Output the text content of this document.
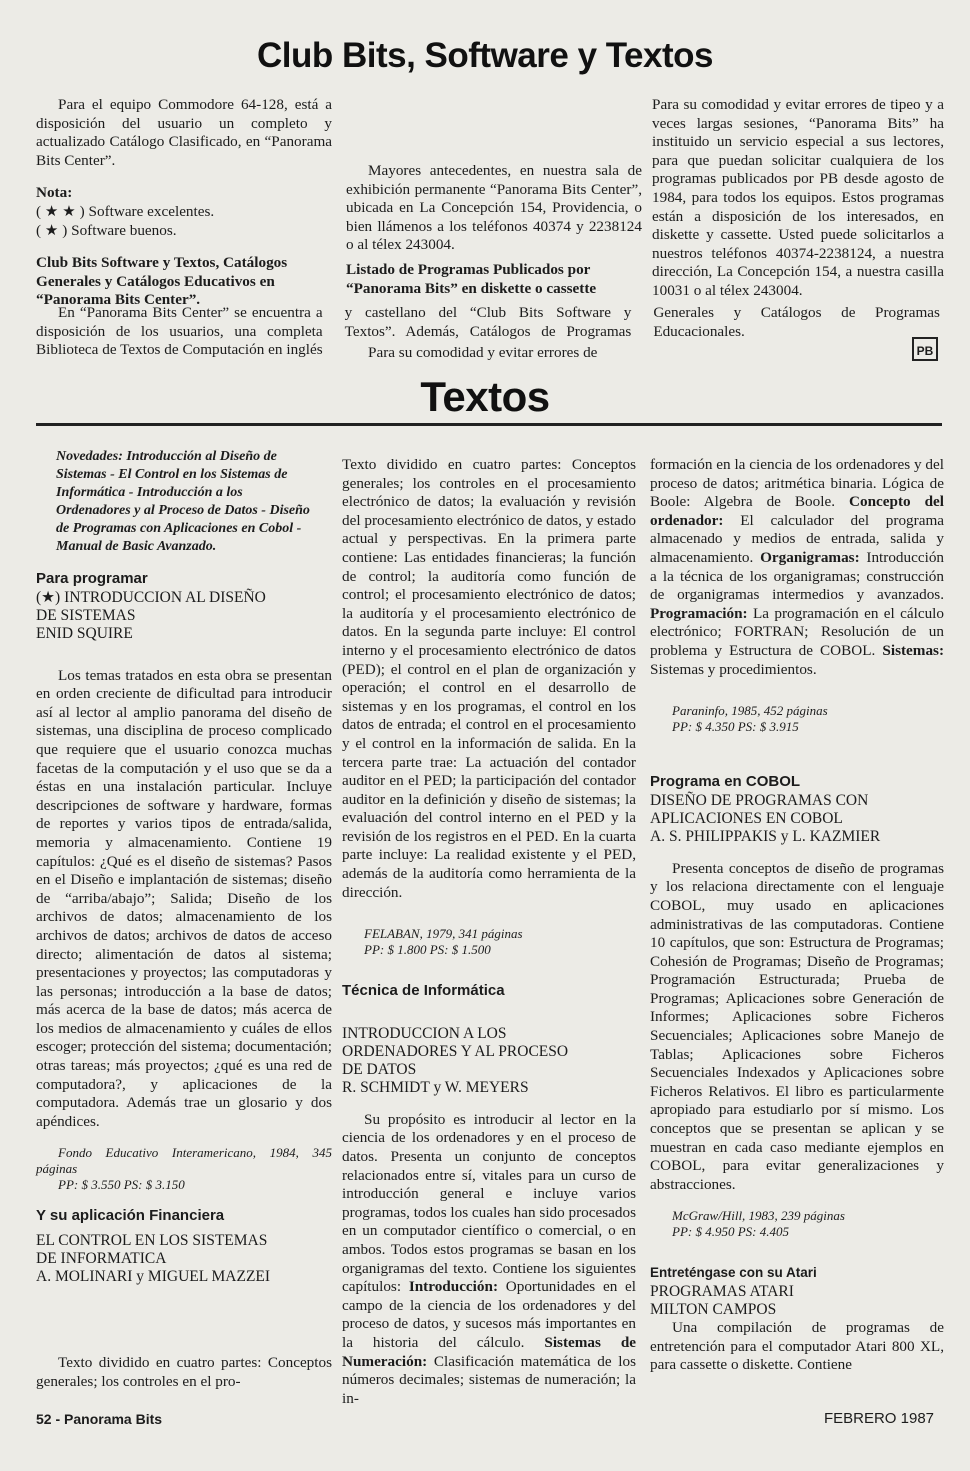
Club Bits, Software y Textos

Para el equipo Commodore 64-128, está a disposición del usuario un completo y actualizado Catálogo Clasificado, en “Panorama Bits Center”.

Nota:
( ★ ★ ) Software excelentes.
( ★ ) Software buenos.

Club Bits Software y Textos, Catálogos Generales y Catálogos Educativos en “Panorama Bits Center”.

En “Panorama Bits Center” se encuentra a disposición de los usuarios, una completa Biblioteca de Textos de Computación en inglés y castellano del “Club Bits Software y Textos”. Además, Catálogos de Programas Generales y Catálogos de Programas Educacionales.

Mayores antecedentes, en nuestra sala de exhibición permanente “Panorama Bits Center”, ubicada en La Concepción 154, Providencia, o bien llámenos a los teléfonos 40374 y 2238124 o al télex 243004.

Listado de Programas Publicados por “Panorama Bits” en diskette o cassette

Para su comodidad y evitar errores de

Para su comodidad y evitar errores de tipeo y a veces largas sesiones, “Panorama Bits” ha instituido un servicio especial a sus lectores, para que puedan solicitar cualquiera de los programas publicados por PB desde agosto de 1984, para todos los equipos. Estos programas están a disposición de los interesados, en diskette y cassette. Usted puede solicitarlos a nuestros teléfonos 40374-2238124, a nuestra dirección, La Concepción 154, a nuestra casilla 10031 o al télex 243004.

PB
Textos
Novedades: Introducción al Diseño de Sistemas - El Control en los Sistemas de Informática - Introducción a los Ordenadores y al Proceso de Datos - Diseño de Programas con Aplicaciones en Cobol - Manual de Basic Avanzado.
Para programar
(★) INTRODUCCION AL DISEÑO
DE SISTEMAS
ENID SQUIRE

Los temas tratados en esta obra se presentan en orden creciente de dificultad para introducir así al lector al amplio panorama del diseño de sistemas, una disciplina de proceso complicado que requiere que el usuario conozca muchas facetas de la computación y el uso que se da a éstas en una instalación particular. Incluye descripciones de software y hardware, formas de reportes y varios tipos de entrada/salida, memoria y almacenamiento. Contiene 19 capítulos: ¿Qué es el diseño de sistemas? Pasos en el Diseño e implantación de sistemas; diseño de “arriba/abajo”; Salida; Diseño de los archivos de datos; almacenamiento de los archivos de datos; archivos de datos de acceso directo; alimentación de datos al sistema; presentaciones y proyectos; las computadoras y las personas; introducción a la base de datos; más acerca de la base de datos; más acerca de los medios de almacenamiento y cuáles de ellos escoger; protección del sistema; documentación; otras tareas; más proyectos; ¿qué es una red de computadora?, y aplicaciones de la computadora. Además trae un glosario y dos apéndices.

Fondo Educativo Interamericano, 1984, 345 páginas

PP: $ 3.550 PS: $ 3.150

Y su aplicación Financiera
EL CONTROL EN LOS SISTEMAS
DE INFORMATICA
A. MOLINARI y MIGUEL MAZZEI

Texto dividido en cuatro partes: Conceptos generales; los controles en el pro-

Texto dividido en cuatro partes: Conceptos generales; los controles en el procesamiento electrónico de datos; la evaluación y revisión del procesamiento electrónico de datos, y estado actual y perspectivas. En la primera parte contiene: Las entidades financieras; la función de control; la auditoría como función de control; el procesamiento electrónico de datos; la auditoría y el procesamiento electrónico de datos. En la segunda parte incluye: El control interno y el procesamiento electrónico de datos (PED); el control en el plan de organización y operación; el control en el desarrollo de sistemas y en los programas, el control en los datos de entrada; el control en el procesamiento y el control en la información de salida. En la tercera parte trae: La actuación del contador auditor en el PED; la participación del contador auditor en la definición y diseño de sistemas; la evaluación del control interno en el PED y la revisión de los registros en el PED. En la cuarta parte incluye: La realidad existente y el PED, además de la auditoría como herramienta de la dirección.

FELABAN, 1979, 341 páginas

PP: $ 1.800 PS: $ 1.500

Técnica de Informática
INTRODUCCION A LOS
ORDENADORES Y AL PROCESO
DE DATOS
R. SCHMIDT y W. MEYERS

Su propósito es introducir al lector en la ciencia de los ordenadores y en el proceso de datos. Presenta un conjunto de conceptos relacionados entre sí, vitales para un curso de introducción general e incluye varios programas, todos los cuales han sido procesados en un computador científico o comercial, o en ambos. Todos estos programas se basan en los organigramas del texto. Contiene los siguientes capítulos: Introducción: Oportunidades en el campo de la ciencia de los ordenadores y del proceso de datos, y sucesos más importantes en la historia del cálculo. Sistemas de Numeración: Clasificación matemática de los números decimales; sistemas de numeración; la in-

formación en la ciencia de los ordenadores y del proceso de datos; aritmética binaria. Lógica de Boole: Algebra de Boole. Concepto del ordenador: El calculador del programa almacenado y medios de entrada, salida y almacenamiento. Organigramas: Introducción a la técnica de los organigramas; construcción de organigramas intermedios y avanzados. Programación: La programación en el cálculo electrónico; FORTRAN; Resolución de un problema y Estructura de COBOL. Sistemas: Sistemas y procedimientos.

Paraninfo, 1985, 452 páginas

PP: $ 4.350 PS: $ 3.915

Programa en COBOL
DISEÑO DE PROGRAMAS CON
APLICACIONES EN COBOL
A. S. PHILIPPAKIS y L. KAZMIER

Presenta conceptos de diseño de programas y los relaciona directamente con el lenguaje COBOL, muy usado en aplicaciones administrativas de las computadoras. Contiene 10 capítulos, que son: Estructura de Programas; Cohesión de Programas; Diseño de Programas; Programación Estructurada; Prueba de Programas; Aplicaciones sobre Generación de Informes; Aplicaciones sobre Ficheros Secuenciales; Aplicaciones sobre Manejo de Tablas; Aplicaciones sobre Ficheros Secuenciales Indexados y Aplicaciones sobre Ficheros Relativos. El libro es particularmente apropiado para estudiarlo por sí mismo. Los conceptos que se presentan se aplican y se muestran en cada caso mediante ejemplos en COBOL, para evitar generalizaciones y abstracciones.

McGraw/Hill, 1983, 239 páginas

PP: $ 4.950 PS: 4.405

Entreténgase con su Atari
PROGRAMAS ATARI
MILTON CAMPOS

Una compilación de programas de entretención para el computador Atari 800 XL, para cassette o diskette. Contiene

52 - Panorama Bits	FEBRERO 1987
